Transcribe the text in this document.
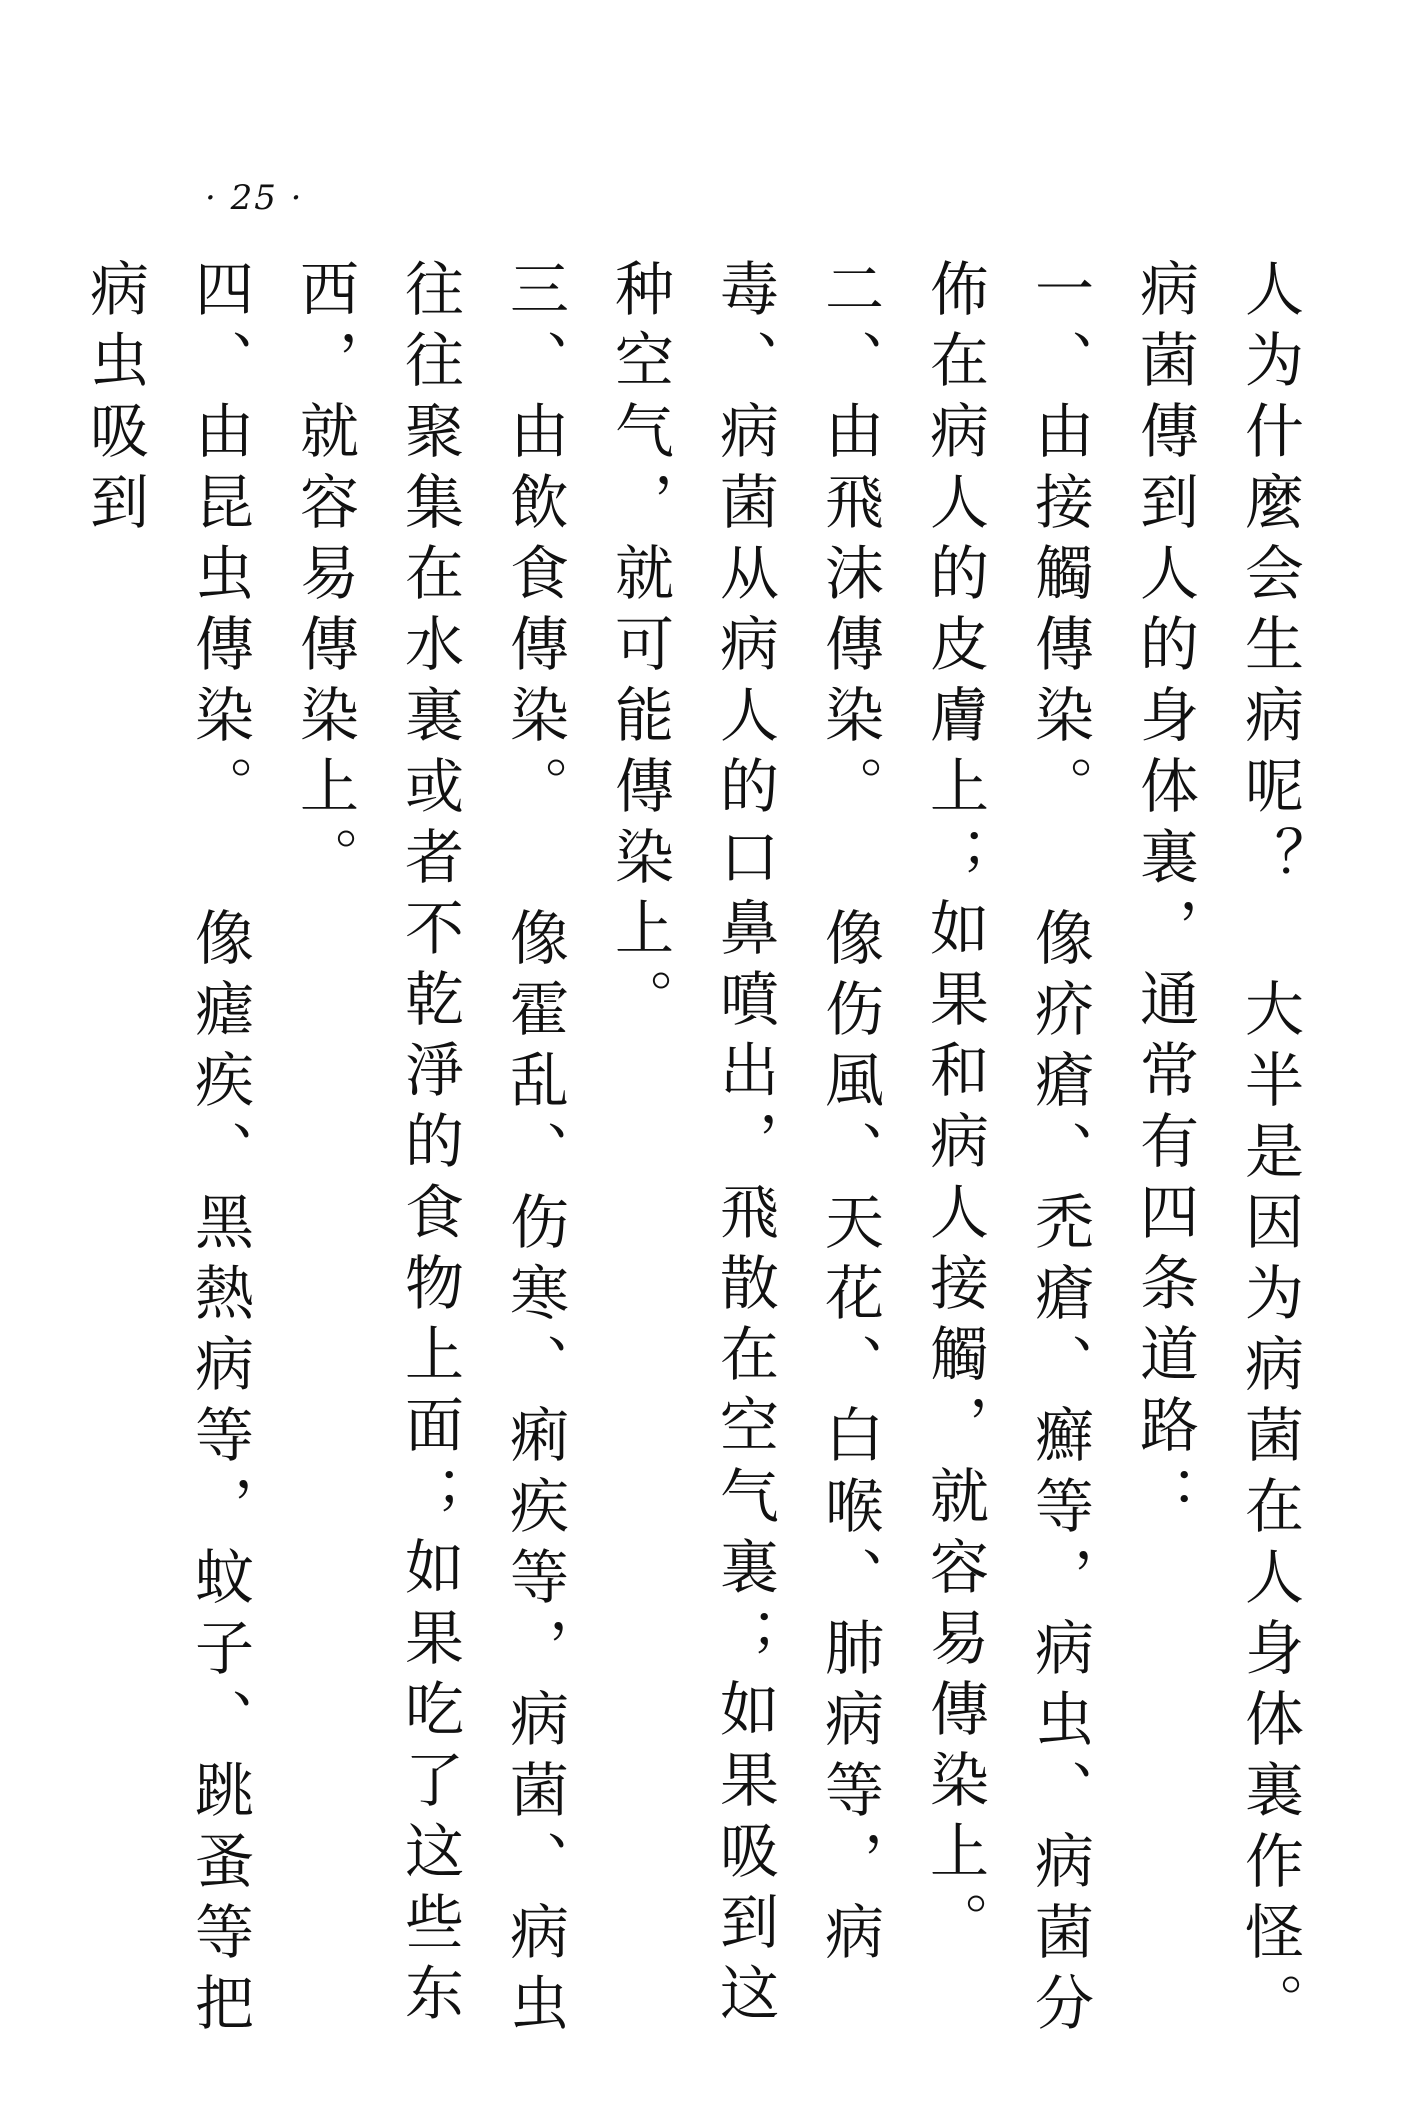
· 25 ·

人为什麼会生病呢？ 大半是因为病菌在人身体裏作怪。 病菌傳到人的身体裏，通常有四条道路：

一、由接觸傳染。 像疥瘡、禿瘡、癬等，病虫、病菌分佈在病人的皮膚上；如果和病人接觸，就容易傳染上。

二、由飛沫傳染。 像伤風、天花、白喉、肺病等，病毒、病菌从病人的口鼻噴出，飛散在空气裏；如果吸到这种空气，就可能傳染上。

三、由飲食傳染。 像霍乱、伤寒、痢疾等，病菌、病虫往往聚集在水裏或者不乾淨的食物上面；如果吃了这些东西，就容易傳染上。

四、由昆虫傳染。 像瘧疾、黑熱病等，蚊子、跳蚤等把病虫吸到
